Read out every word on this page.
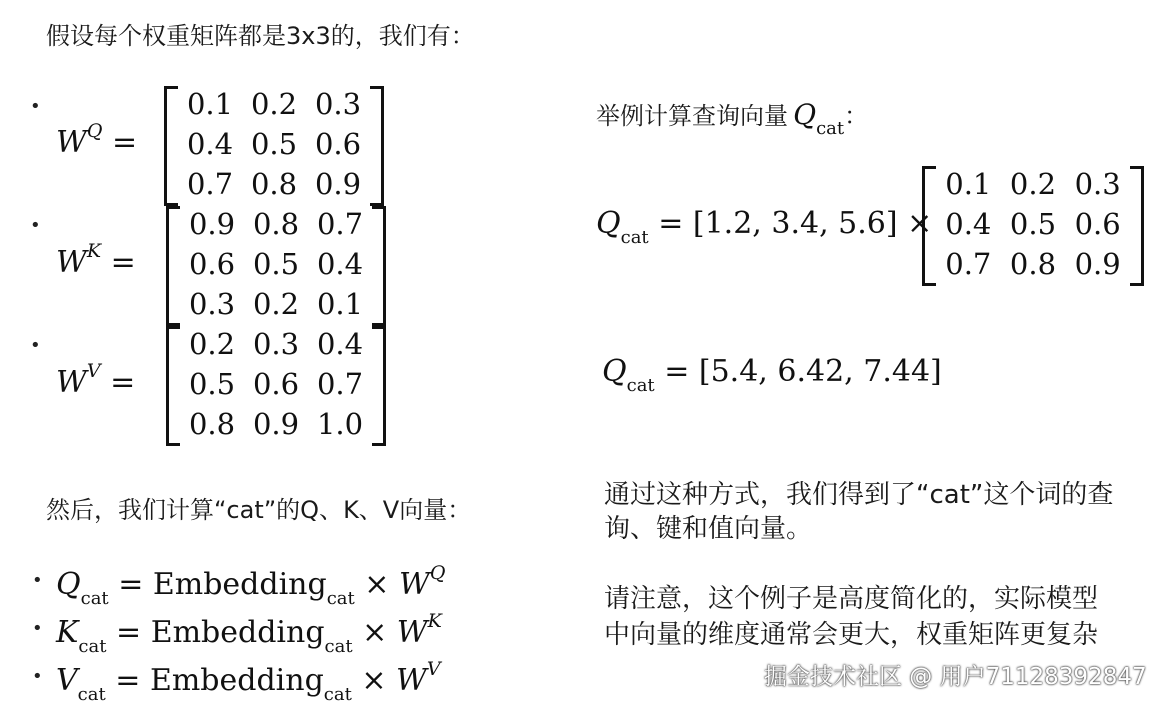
假设每个权重矩阵都是3x3的，我们有：
•
$W^Q$ =
0.1 0.2 0.3
0.4 0.5 0.6
0.7 0.8 0.9
•
$W^K$ =
0.9 0.8 0.7
0.6 0.5 0.4
0.3 0.2 0.1
•
$W^V$ =
0.2 0.3 0.4
0.5 0.6 0.7
0.8 0.9 1.0
然后，我们计算“cat”的Q、K、V向量：
• $Q_{cat}$ = Embedding$_{cat}$ × $W^Q$
• $K_{cat}$ = Embedding$_{cat}$ × $W^K$
• $V_{cat}$ = Embedding$_{cat}$ × $W^V$
举例计算查询向量 $Q_{cat}$：
$Q_{cat} = [1.2$, 3.4, 5.6] ×
0.1 0.2 0.3
0.4 0.5 0.6
0.7 0.8 0.9
$Q_{cat} = [5.4$, 6.42, 7.44]
通过这种方式，我们得到了“cat”这个词的查
询、键和值向量。
请注意，这个例子是高度简化的，实际模型
中向量的维度通常会更大，权重矩阵更复杂
掘金技术社区 @ 用户71128392847
